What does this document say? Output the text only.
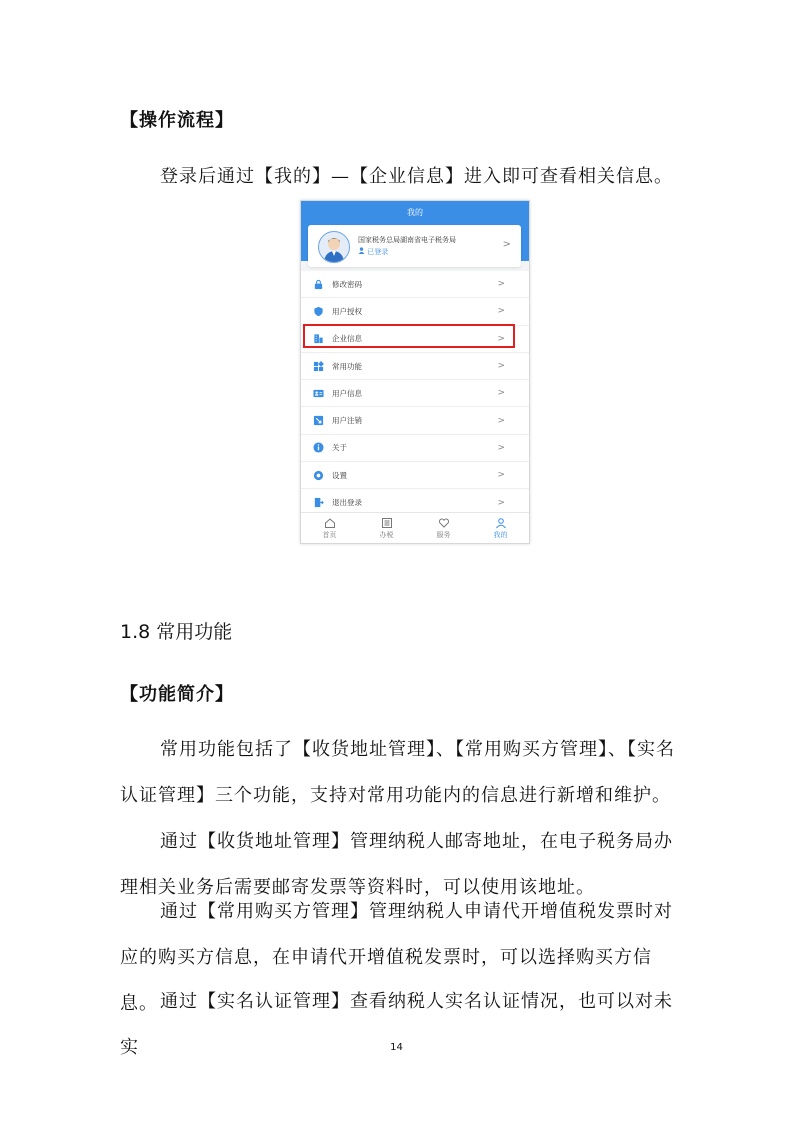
【操作流程】
登录后通过【我的】—【企业信息】进入即可查看相关信息。
我的
国家税务总局湖南省电子税务局
已登录
>
修改密码	>
用户授权	>
企业信息	>
常用功能	>
用户信息	>
用户注销	>
关于	>
设置	>
退出登录	>
首页	办税	服务	我的
1.8 常用功能
【功能简介】
常用功能包括了【收货地址管理】、【常用购买方管理】、【实名认证管理】三个功能，支持对常用功能内的信息进行新增和维护。
通过【收货地址管理】管理纳税人邮寄地址，在电子税务局办理相关业务后需要邮寄发票等资料时，可以使用该地址。
通过【常用购买方管理】管理纳税人申请代开增值税发票时对应的购买方信息，在申请代开增值税发票时，可以选择购买方信息。 通过【实名认证管理】查看纳税人实名认证情况，也可以对未实	14
